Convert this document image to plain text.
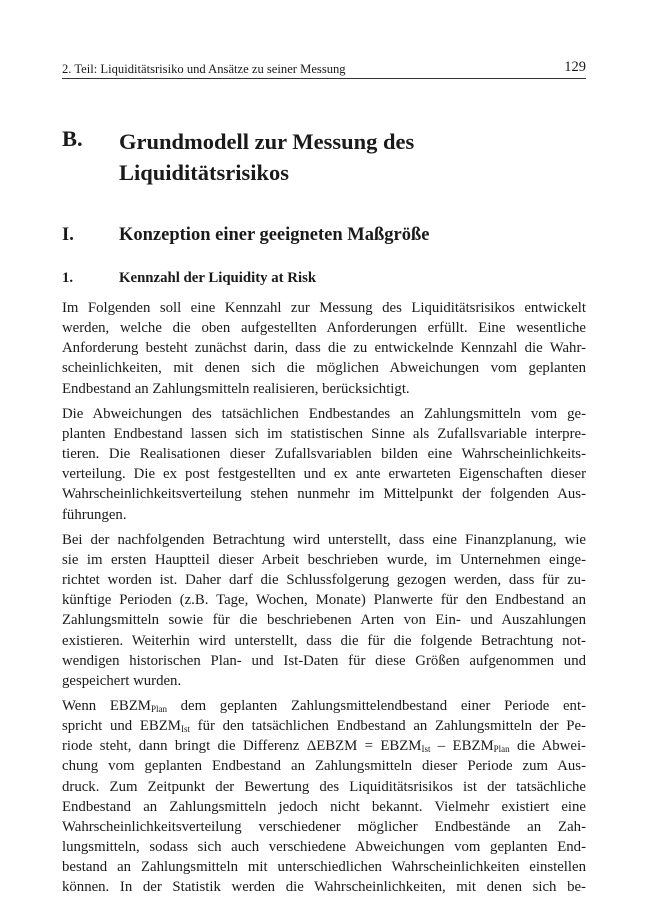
2. Teil: Liquiditätsrisiko und Ansätze zu seiner Messung	129
B. Grundmodell zur Messung des
Liquiditätsrisikos
I. Konzeption einer geeigneten Maßgröße
1.	Kennzahl der Liquidity at Risk

Im Folgenden soll eine Kennzahl zur Messung des Liquiditätsrisikos entwickelt
werden, welche die oben aufgestellten Anforderungen erfüllt. Eine wesentliche
Anforderung besteht zunächst darin, dass die zu entwickelnde Kennzahl die Wahr-
scheinlichkeiten, mit denen sich die möglichen Abweichungen vom geplanten
Endbestand an Zahlungsmitteln realisieren, berücksichtigt.

Die Abweichungen des tatsächlichen Endbestandes an Zahlungsmitteln vom ge-
planten Endbestand lassen sich im statistischen Sinne als Zufallsvariable interpre-
tieren. Die Realisationen dieser Zufallsvariablen bilden eine Wahrscheinlichkeits-
verteilung. Die ex post festgestellten und ex ante erwarteten Eigenschaften dieser
Wahrscheinlichkeitsverteilung stehen nunmehr im Mittelpunkt der folgenden Aus-
führungen.

Bei der nachfolgenden Betrachtung wird unterstellt, dass eine Finanzplanung, wie
sie im ersten Hauptteil dieser Arbeit beschrieben wurde, im Unternehmen einge-
richtet worden ist. Daher darf die Schlussfolgerung gezogen werden, dass für zu-
künftige Perioden (z.B. Tage, Wochen, Monate) Planwerte für den Endbestand an
Zahlungsmitteln sowie für die beschriebenen Arten von Ein- und Auszahlungen
existieren. Weiterhin wird unterstellt, dass die für die folgende Betrachtung not-
wendigen historischen Plan- und Ist-Daten für diese Größen aufgenommen und
gespeichert wurden.

Wenn $EBZM_{Plan}$ dem geplanten Zahlungsmittelendbestand einer Periode ent-
spricht und $EBZM_{Ist}$ für den tatsächlichen Endbestand an Zahlungsmitteln der Pe-
riode steht, dann bringt die Differenz ΔEBZM = $EBZM_{Ist}$ – $EBZM_{Plan}$ die Abwei-
chung vom geplanten Endbestand an Zahlungsmitteln dieser Periode zum Aus-
druck. Zum Zeitpunkt der Bewertung des Liquiditätsrisikos ist der tatsächliche
Endbestand an Zahlungsmitteln jedoch nicht bekannt. Vielmehr existiert eine
Wahrscheinlichkeitsverteilung verschiedener möglicher Endbestände an Zah-
lungsmitteln, sodass sich auch verschiedene Abweichungen vom geplanten End-
bestand an Zahlungsmitteln mit unterschiedlichen Wahrscheinlichkeiten einstellen
können. In der Statistik werden die Wahrscheinlichkeiten, mit denen sich be-
